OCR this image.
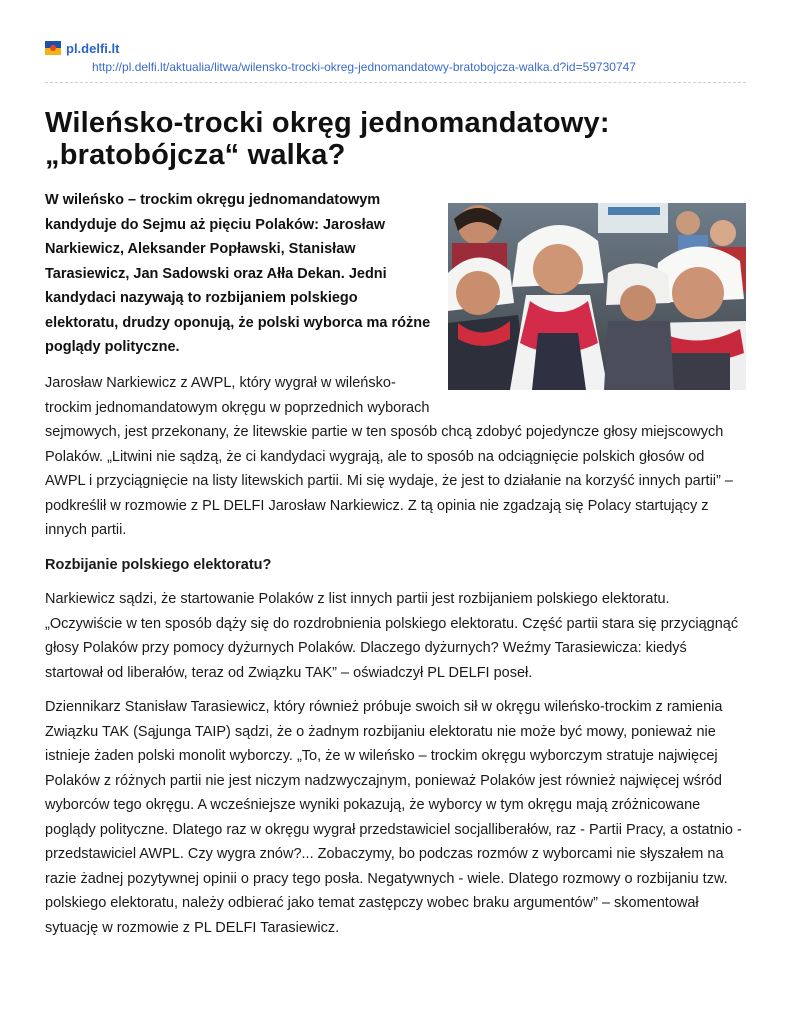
pl.delfi.lt
http://pl.delfi.lt/aktualia/litwa/wilensko-trocki-okreg-jednomandatowy-bratobojcza-walka.d?id=59730747
Wileńsko-trocki okręg jednomandatowy:
„bratobójcza“ walka?

W wileńsko – trockim okręgu jednomandatowym kandyduje do Sejmu aż pięciu Polaków: Jarosław Narkiewicz, Aleksander Popławski, Stanisław Tarasiewicz, Jan Sadowski oraz Ałła Dekan. Jedni kandydaci nazywają to rozbijaniem polskiego elektoratu, drudzy oponują, że polski wyborca ma różne poglądy polityczne.

Jarosław Narkiewicz z AWPL, który wygrał w wileńsko-trockim jednomandatowym okręgu w poprzednich wyborach sejmowych, jest przekonany, że litewskie partie w ten sposób chcą zdobyć pojedyncze głosy miejscowych Polaków. „Litwini nie sądzą, że ci kandydaci wygrają, ale to sposób na odciągnięcie polskich głosów od AWPL i przyciągnięcie na listy litewskich partii. Mi się wydaje, że jest to działanie na korzyść innych partii” – podkreślił w rozmowie z PL DELFI Jarosław Narkiewicz. Z tą opinia nie zgadzają się Polacy startujący z innych partii.

Rozbijanie polskiego elektoratu?

Narkiewicz sądzi, że startowanie Polaków z list innych partii jest rozbijaniem polskiego elektoratu. „Oczywiście w ten sposób dąży się do rozdrobnienia polskiego elektoratu. Część partii stara się przyciągnąć głosy Polaków przy pomocy dyżurnych Polaków. Dlaczego dyżurnych? Weźmy Tarasiewicza: kiedyś startował od liberałów, teraz od Związku TAK” – oświadczył PL DELFI poseł.

Dziennikarz Stanisław Tarasiewicz, który również próbuje swoich sił w okręgu wileńsko-trockim z ramienia Związku TAK (Sąjunga TAIP) sądzi, że o żadnym rozbijaniu elektoratu nie może być mowy, ponieważ nie istnieje żaden polski monolit wyborczy. „To, że w wileńsko – trockim okręgu wyborczym stratuje najwięcej Polaków z różnych partii nie jest niczym nadzwyczajnym, ponieważ Polaków jest również najwięcej wśród wyborców tego okręgu. A wcześniejsze wyniki pokazują, że wyborcy w tym okręgu mają zróżnicowane poglądy polityczne. Dlatego raz w okręgu wygrał przedstawiciel socjalliberałów, raz - Partii Pracy, a ostatnio - przedstawiciel AWPL. Czy wygra znów?... Zobaczymy, bo podczas rozmów z wyborcami nie słyszałem na razie żadnej pozytywnej opinii o pracy tego posła. Negatywnych - wiele. Dlatego rozmowy o rozbijaniu tzw. polskiego elektoratu, należy odbierać jako temat zastępczy wobec braku argumentów” – skomentował sytuację w rozmowie z PL DELFI Tarasiewicz.
